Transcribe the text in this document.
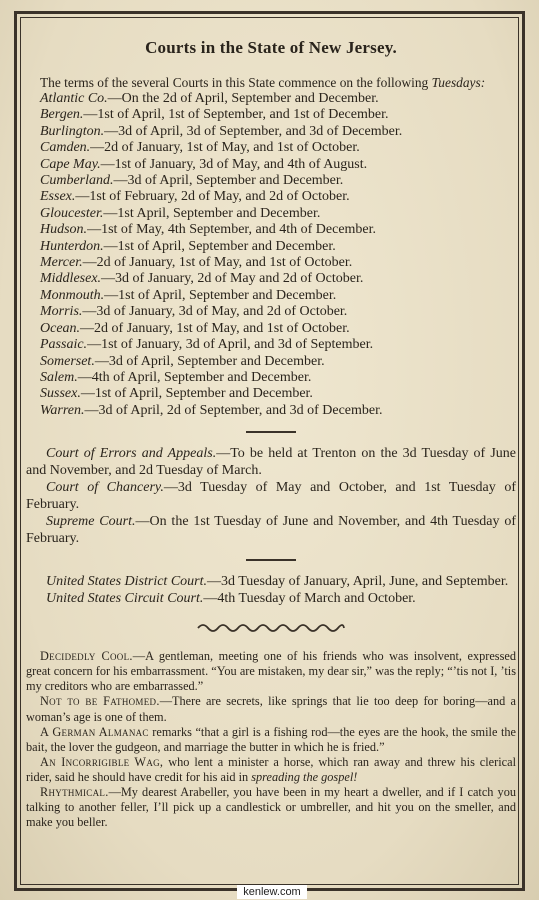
Courts in the State of New Jersey.
The terms of the several Courts in this State commence on the following Tuesdays:
Atlantic Co.—On the 2d of April, September and December.
Bergen.—1st of April, 1st of September, and 1st of December.
Burlington.—3d of April, 3d of September, and 3d of December.
Camden.—2d of January, 1st of May, and 1st of October.
Cape May.—1st of January, 3d of May, and 4th of August.
Cumberland.—3d of April, September and December.
Essex.—1st of February, 2d of May, and 2d of October.
Gloucester.—1st April, September and December.
Hudson.—1st of May, 4th September, and 4th of December.
Hunterdon.—1st of April, September and December.
Mercer.—2d of January, 1st of May, and 1st of October.
Middlesex.—3d of January, 2d of May and 2d of October.
Monmouth.—1st of April, September and December.
Morris.—3d of January, 3d of May, and 2d of October.
Ocean.—2d of January, 1st of May, and 1st of October.
Passaic.—1st of January, 3d of April, and 3d of September.
Somerset.—3d of April, September and December.
Salem.—4th of April, September and December.
Sussex.—1st of April, September and December.
Warren.—3d of April, 2d of September, and 3d of December.
Court of Errors and Appeals.—To be held at Trenton on the 3d Tuesday of June and November, and 2d Tuesday of March.
Court of Chancery.—3d Tuesday of May and October, and 1st Tuesday of February.
Supreme Court.—On the 1st Tuesday of June and November, and 4th Tuesday of February.
United States District Court.—3d Tuesday of January, April, June, and September.
United States Circuit Court.—4th Tuesday of March and October.
Decidedly Cool.—A gentleman, meeting one of his friends who was insolvent, expressed great concern for his embarrassment. “You are mistaken, my dear sir,” was the reply; “’tis not I, ’tis my creditors who are embarrassed.”
Not to be Fathomed.—There are secrets, like springs that lie too deep for boring—and a woman’s age is one of them.
A German Almanac remarks “that a girl is a fishing rod—the eyes are the hook, the smile the bait, the lover the gudgeon, and marriage the butter in which he is fried.”
An Incorrigible Wag, who lent a minister a horse, which ran away and threw his clerical rider, said he should have credit for his aid in spreading the gospel!
Rhythmical.—My dearest Arabeller, you have been in my heart a dweller, and if I catch you talking to another feller, I’ll pick up a candlestick or umbreller, and hit you on the smeller, and make you beller.
kenlew.com
